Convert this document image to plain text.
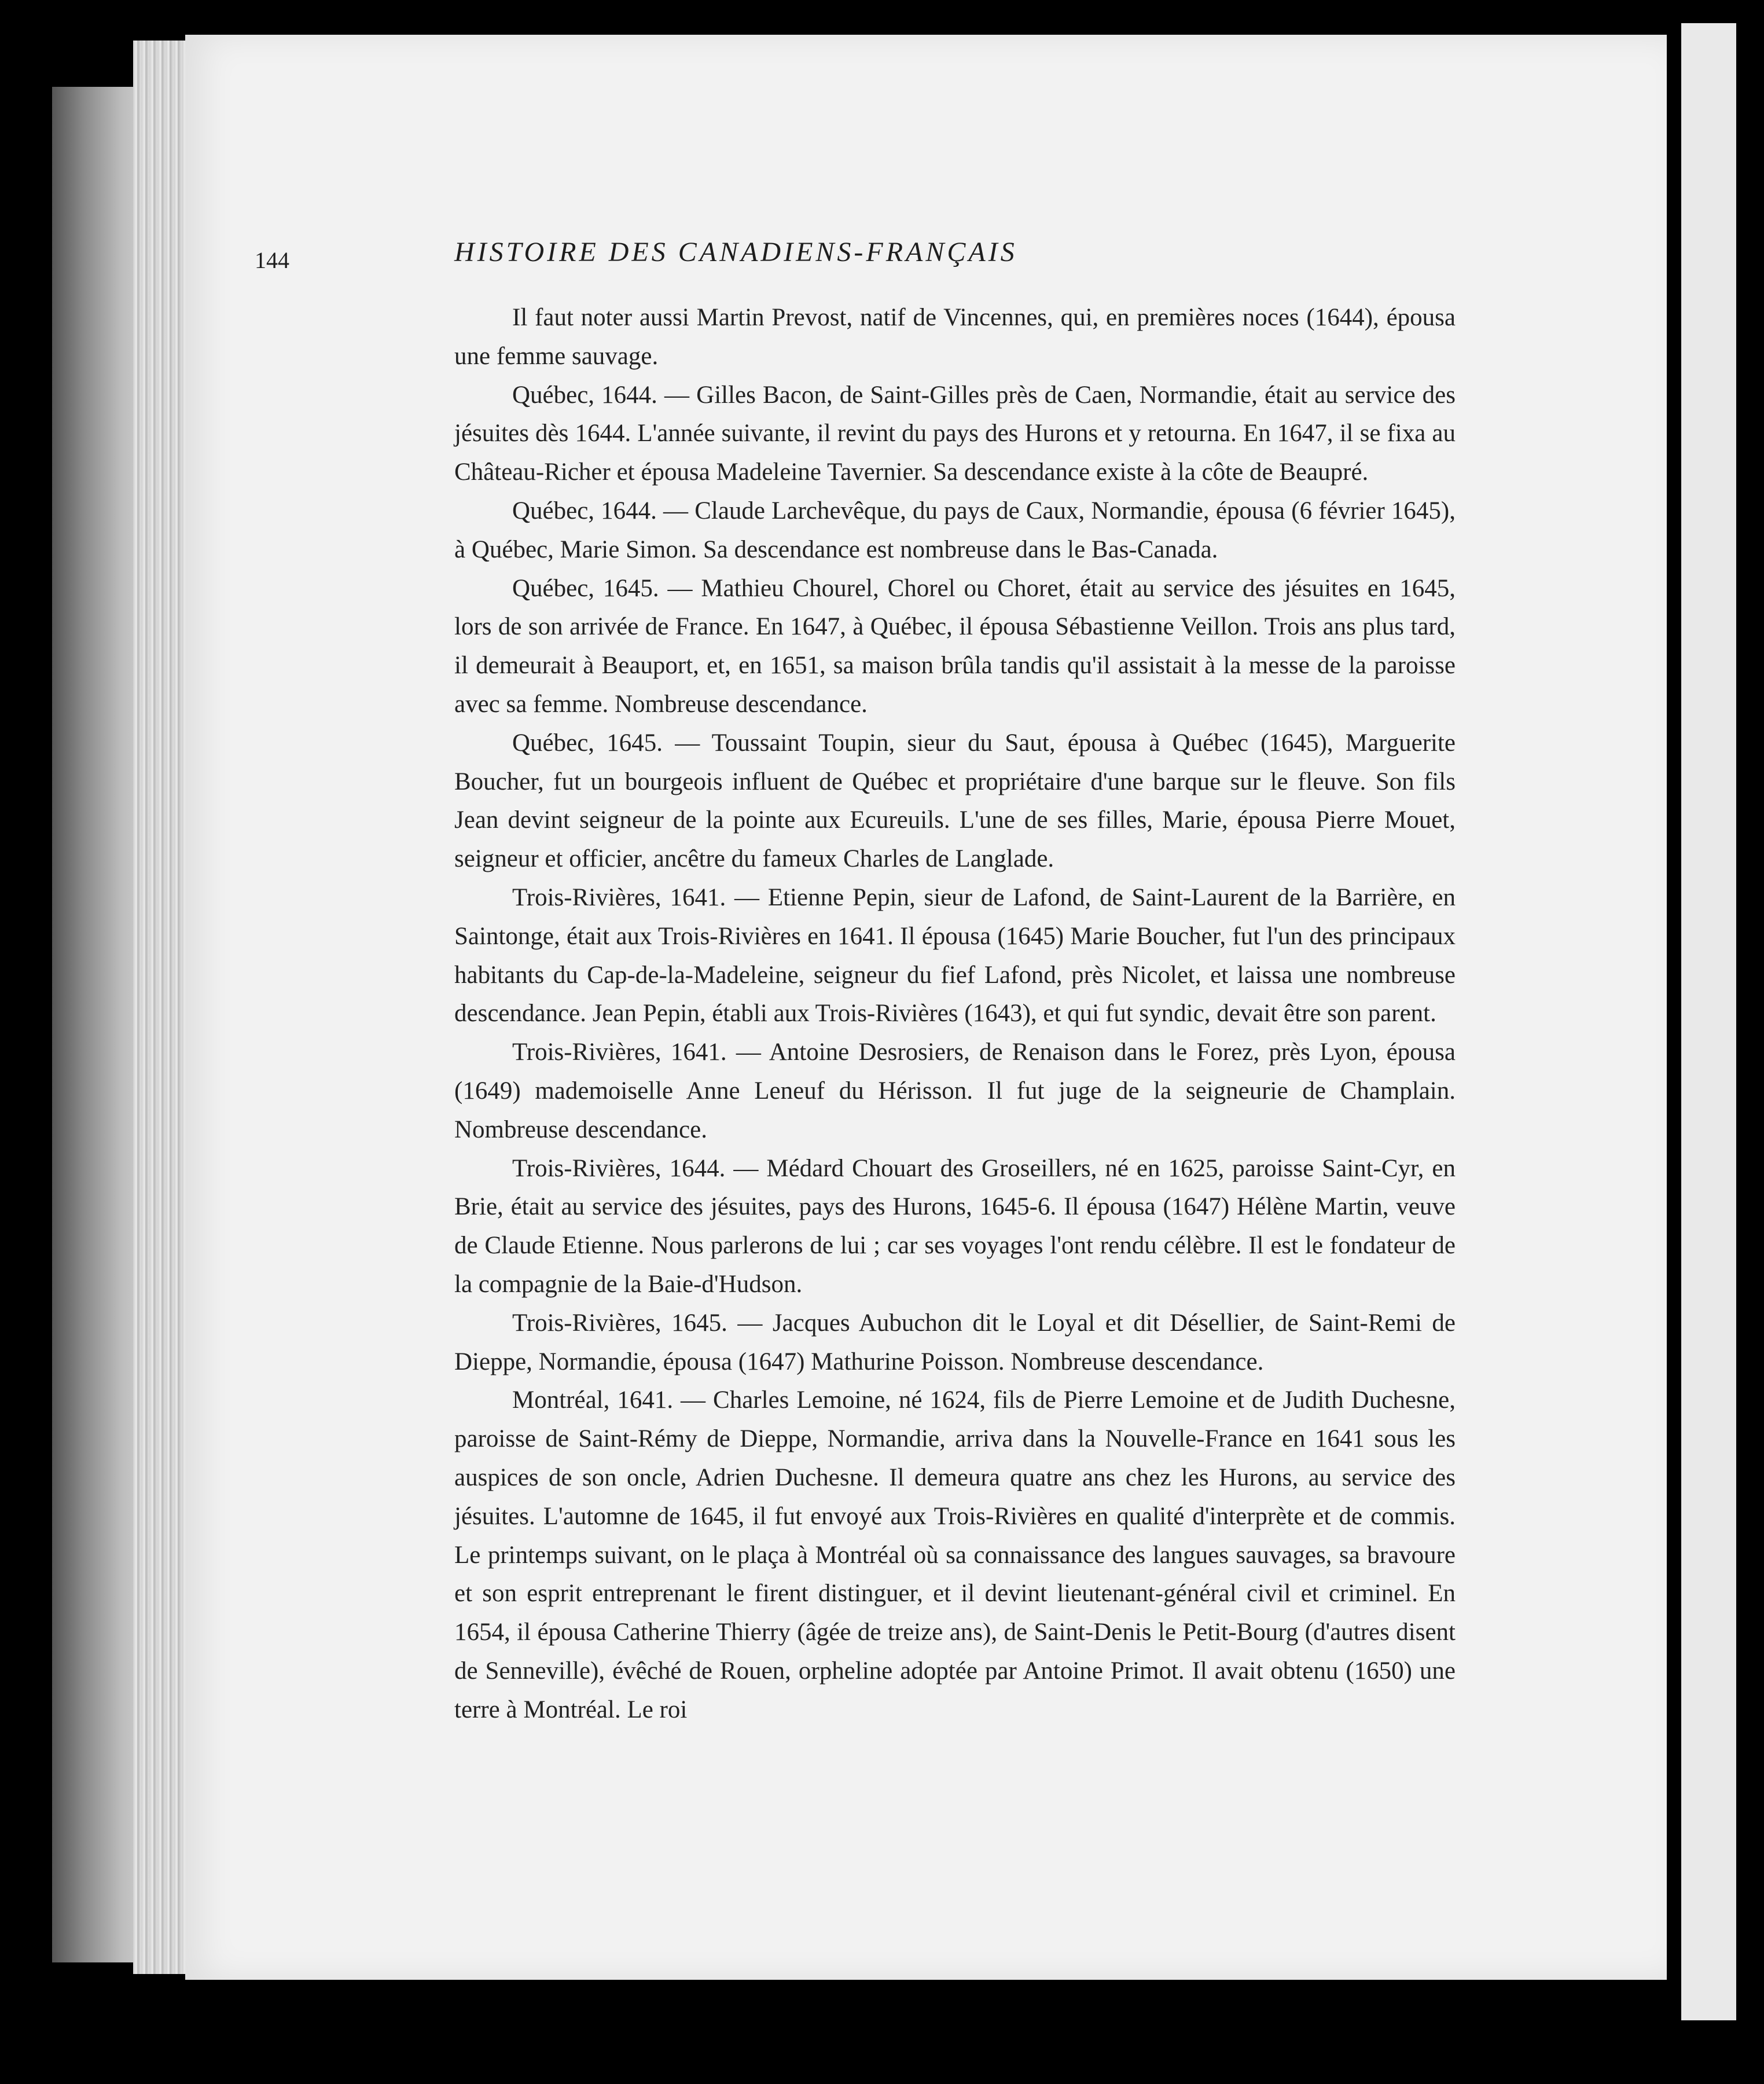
144	HISTOIRE DES CANADIENS-FRANÇAIS

Il faut noter aussi Martin Prevost, natif de Vincennes, qui, en premières noces (1644), épousa une femme sauvage.

Québec, 1644. — Gilles Bacon, de Saint-Gilles près de Caen, Normandie, était au service des jésuites dès 1644. L'année suivante, il revint du pays des Hurons et y retourna. En 1647, il se fixa au Château-Richer et épousa Madeleine Tavernier. Sa descendance existe à la côte de Beaupré.

Québec, 1644. — Claude Larchevêque, du pays de Caux, Normandie, épousa (6 février 1645), à Québec, Marie Simon. Sa descendance est nombreuse dans le Bas-Canada.

Québec, 1645. — Mathieu Chourel, Chorel ou Choret, était au service des jésuites en 1645, lors de son arrivée de France. En 1647, à Québec, il épousa Sébastienne Veillon. Trois ans plus tard, il demeurait à Beauport, et, en 1651, sa maison brûla tandis qu'il assistait à la messe de la paroisse avec sa femme. Nombreuse descendance.

Québec, 1645. — Toussaint Toupin, sieur du Saut, épousa à Québec (1645), Marguerite Boucher, fut un bourgeois influent de Québec et propriétaire d'une barque sur le fleuve. Son fils Jean devint seigneur de la pointe aux Ecureuils. L'une de ses filles, Marie, épousa Pierre Mouet, seigneur et officier, ancêtre du fameux Charles de Langlade.

Trois-Rivières, 1641. — Etienne Pepin, sieur de Lafond, de Saint-Laurent de la Barrière, en Saintonge, était aux Trois-Rivières en 1641. Il épousa (1645) Marie Boucher, fut l'un des principaux habitants du Cap-de-la-Madeleine, seigneur du fief Lafond, près Nicolet, et laissa une nombreuse descendance. Jean Pepin, établi aux Trois-Rivières (1643), et qui fut syndic, devait être son parent.

Trois-Rivières, 1641. — Antoine Desrosiers, de Renaison dans le Forez, près Lyon, épousa (1649) mademoiselle Anne Leneuf du Hérisson. Il fut juge de la seigneurie de Champlain. Nombreuse descendance.

Trois-Rivières, 1644. — Médard Chouart des Groseillers, né en 1625, paroisse Saint-Cyr, en Brie, était au service des jésuites, pays des Hurons, 1645-6. Il épousa (1647) Hélène Martin, veuve de Claude Etienne. Nous parlerons de lui ; car ses voyages l'ont rendu célèbre. Il est le fondateur de la compagnie de la Baie-d'Hudson.

Trois-Rivières, 1645. — Jacques Aubuchon dit le Loyal et dit Désellier, de Saint-Remi de Dieppe, Normandie, épousa (1647) Mathurine Poisson. Nombreuse descendance.

Montréal, 1641. — Charles Lemoine, né 1624, fils de Pierre Lemoine et de Judith Duchesne, paroisse de Saint-Rémy de Dieppe, Normandie, arriva dans la Nouvelle-France en 1641 sous les auspices de son oncle, Adrien Duchesne. Il demeura quatre ans chez les Hurons, au service des jésuites. L'automne de 1645, il fut envoyé aux Trois-Rivières en qualité d'interprète et de commis. Le printemps suivant, on le plaça à Montréal où sa connaissance des langues sauvages, sa bravoure et son esprit entreprenant le firent distinguer, et il devint lieutenant-général civil et criminel. En 1654, il épousa Catherine Thierry (âgée de treize ans), de Saint-Denis le Petit-Bourg (d'autres disent de Senneville), évêché de Rouen, orpheline adoptée par Antoine Primot. Il avait obtenu (1650) une terre à Montréal. Le roi
